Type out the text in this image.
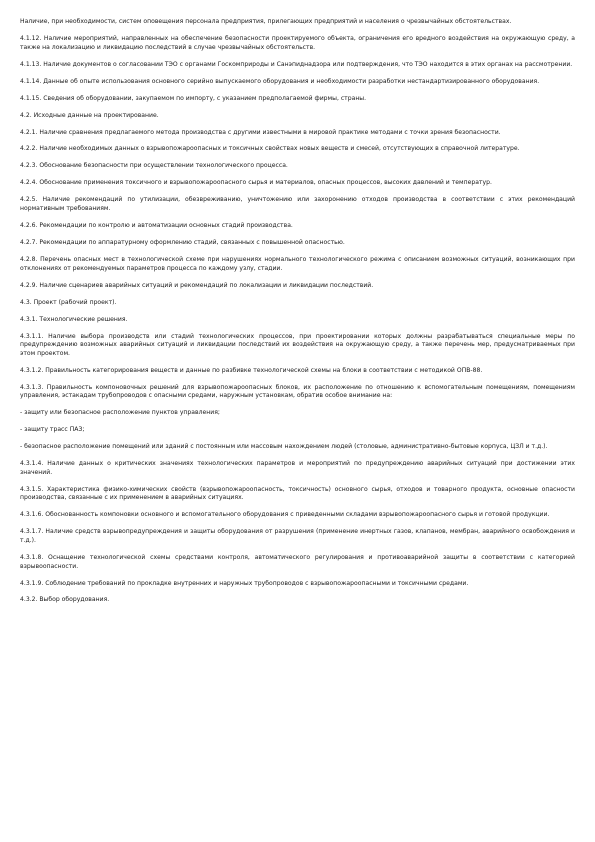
Наличие, при необходимости, систем оповещения персонала предприятия, прилегающих предприятий и населения о чрезвычайных обстоятельствах.

4.1.12. Наличие мероприятий, направленных на обеспечение безопасности проектируемого объекта, ограничения его вредного воздействия на окружающую среду, а также на локализацию и ликвидацию последствий в случае чрезвычайных обстоятельств.

4.1.13. Наличие документов о согласовании ТЭО с органами Госкомприроды и Санэпиднадзора или подтверждения, что ТЭО находится в этих органах на рассмотрении.

4.1.14. Данные об опыте использования основного серийно выпускаемого оборудования и необходимости разработки нестандартизированного оборудования.

4.1.15. Сведения об оборудовании, закупаемом по импорту, с указанием предполагаемой фирмы, страны.

4.2. Исходные данные на проектирование.

4.2.1. Наличие сравнения предлагаемого метода производства с другими известными в мировой практике методами с точки зрения безопасности.

4.2.2. Наличие необходимых данных о взрывопожароопасных и токсичных свойствах новых веществ и смесей, отсутствующих в справочной литературе.

4.2.3. Обоснование безопасности при осуществлении технологического процесса.

4.2.4. Обоснование применения токсичного и взрывопожароопасного сырья и материалов, опасных процессов, высоких давлений и температур.

4.2.5. Наличие рекомендаций по утилизации, обезвреживанию, уничтожению или захоронению отходов производства в соответствии с этих рекомендаций нормативным требованиям.

4.2.6. Рекомендации по контролю и автоматизации основных стадий производства.

4.2.7. Рекомендации по аппаратурному оформлению стадий, связанных с повышенной опасностью.

4.2.8. Перечень опасных мест в технологической схеме при нарушениях нормального технологического режима с описанием возможных ситуаций, возникающих при отклонениях от рекомендуемых параметров процесса по каждому узлу, стадии.

4.2.9. Наличие сценариев аварийных ситуаций и рекомендаций по локализации и ликвидации последствий.

4.3. Проект (рабочий проект).

4.3.1. Технологические решения.

4.3.1.1. Наличие выбора производств или стадий технологических процессов, при проектировании которых должны разрабатываться специальные меры по предупреждению возможных аварийных ситуаций и ликвидации последствий их воздействия на окружающую среду, а также перечень мер, предусматриваемых при этом проектом.

4.3.1.2. Правильность категорирования веществ и данные по разбивке технологической схемы на блоки в соответствии с методикой ОПВ-88.

4.3.1.3. Правильность компоновочных решений для взрывопожароопасных блоков, их расположение по отношению к вспомогательным помещениям, помещениям управления, эстакадам трубопроводов с опасными средами, наружным установкам, обратив особое внимание на:

- защиту или безопасное расположение пунктов управления;

- защиту трасс ПАЗ;

- безопасное расположение помещений или зданий с постоянным или массовым нахождением людей (столовые, административно-бытовые корпуса, ЦЗЛ и т.д.).

4.3.1.4. Наличие данных о критических значениях технологических параметров и мероприятий по предупреждению аварийных ситуаций при достижении этих значений.

4.3.1.5. Характеристика физико-химических свойств (взрывопожароопасность, токсичность) основного сырья, отходов и товарного продукта, основные опасности производства, связанные с их применением в аварийных ситуациях.

4.3.1.6. Обоснованность компоновки основного и вспомогательного оборудования с приведенными складами взрывопожароопасного сырья и готовой продукции.

4.3.1.7. Наличие средств взрывопредупреждения и защиты оборудования от разрушения (применение инертных газов, клапанов, мембран, аварийного освобождения и т.д.).

4.3.1.8. Оснащение технологической схемы средствами контроля, автоматического регулирования и противоаварийной защиты в соответствии с категорией взрывоопасности.

4.3.1.9. Соблюдение требований по прокладке внутренних и наружных трубопроводов с взрывопожароопасными и токсичными средами.

4.3.2. Выбор оборудования.
